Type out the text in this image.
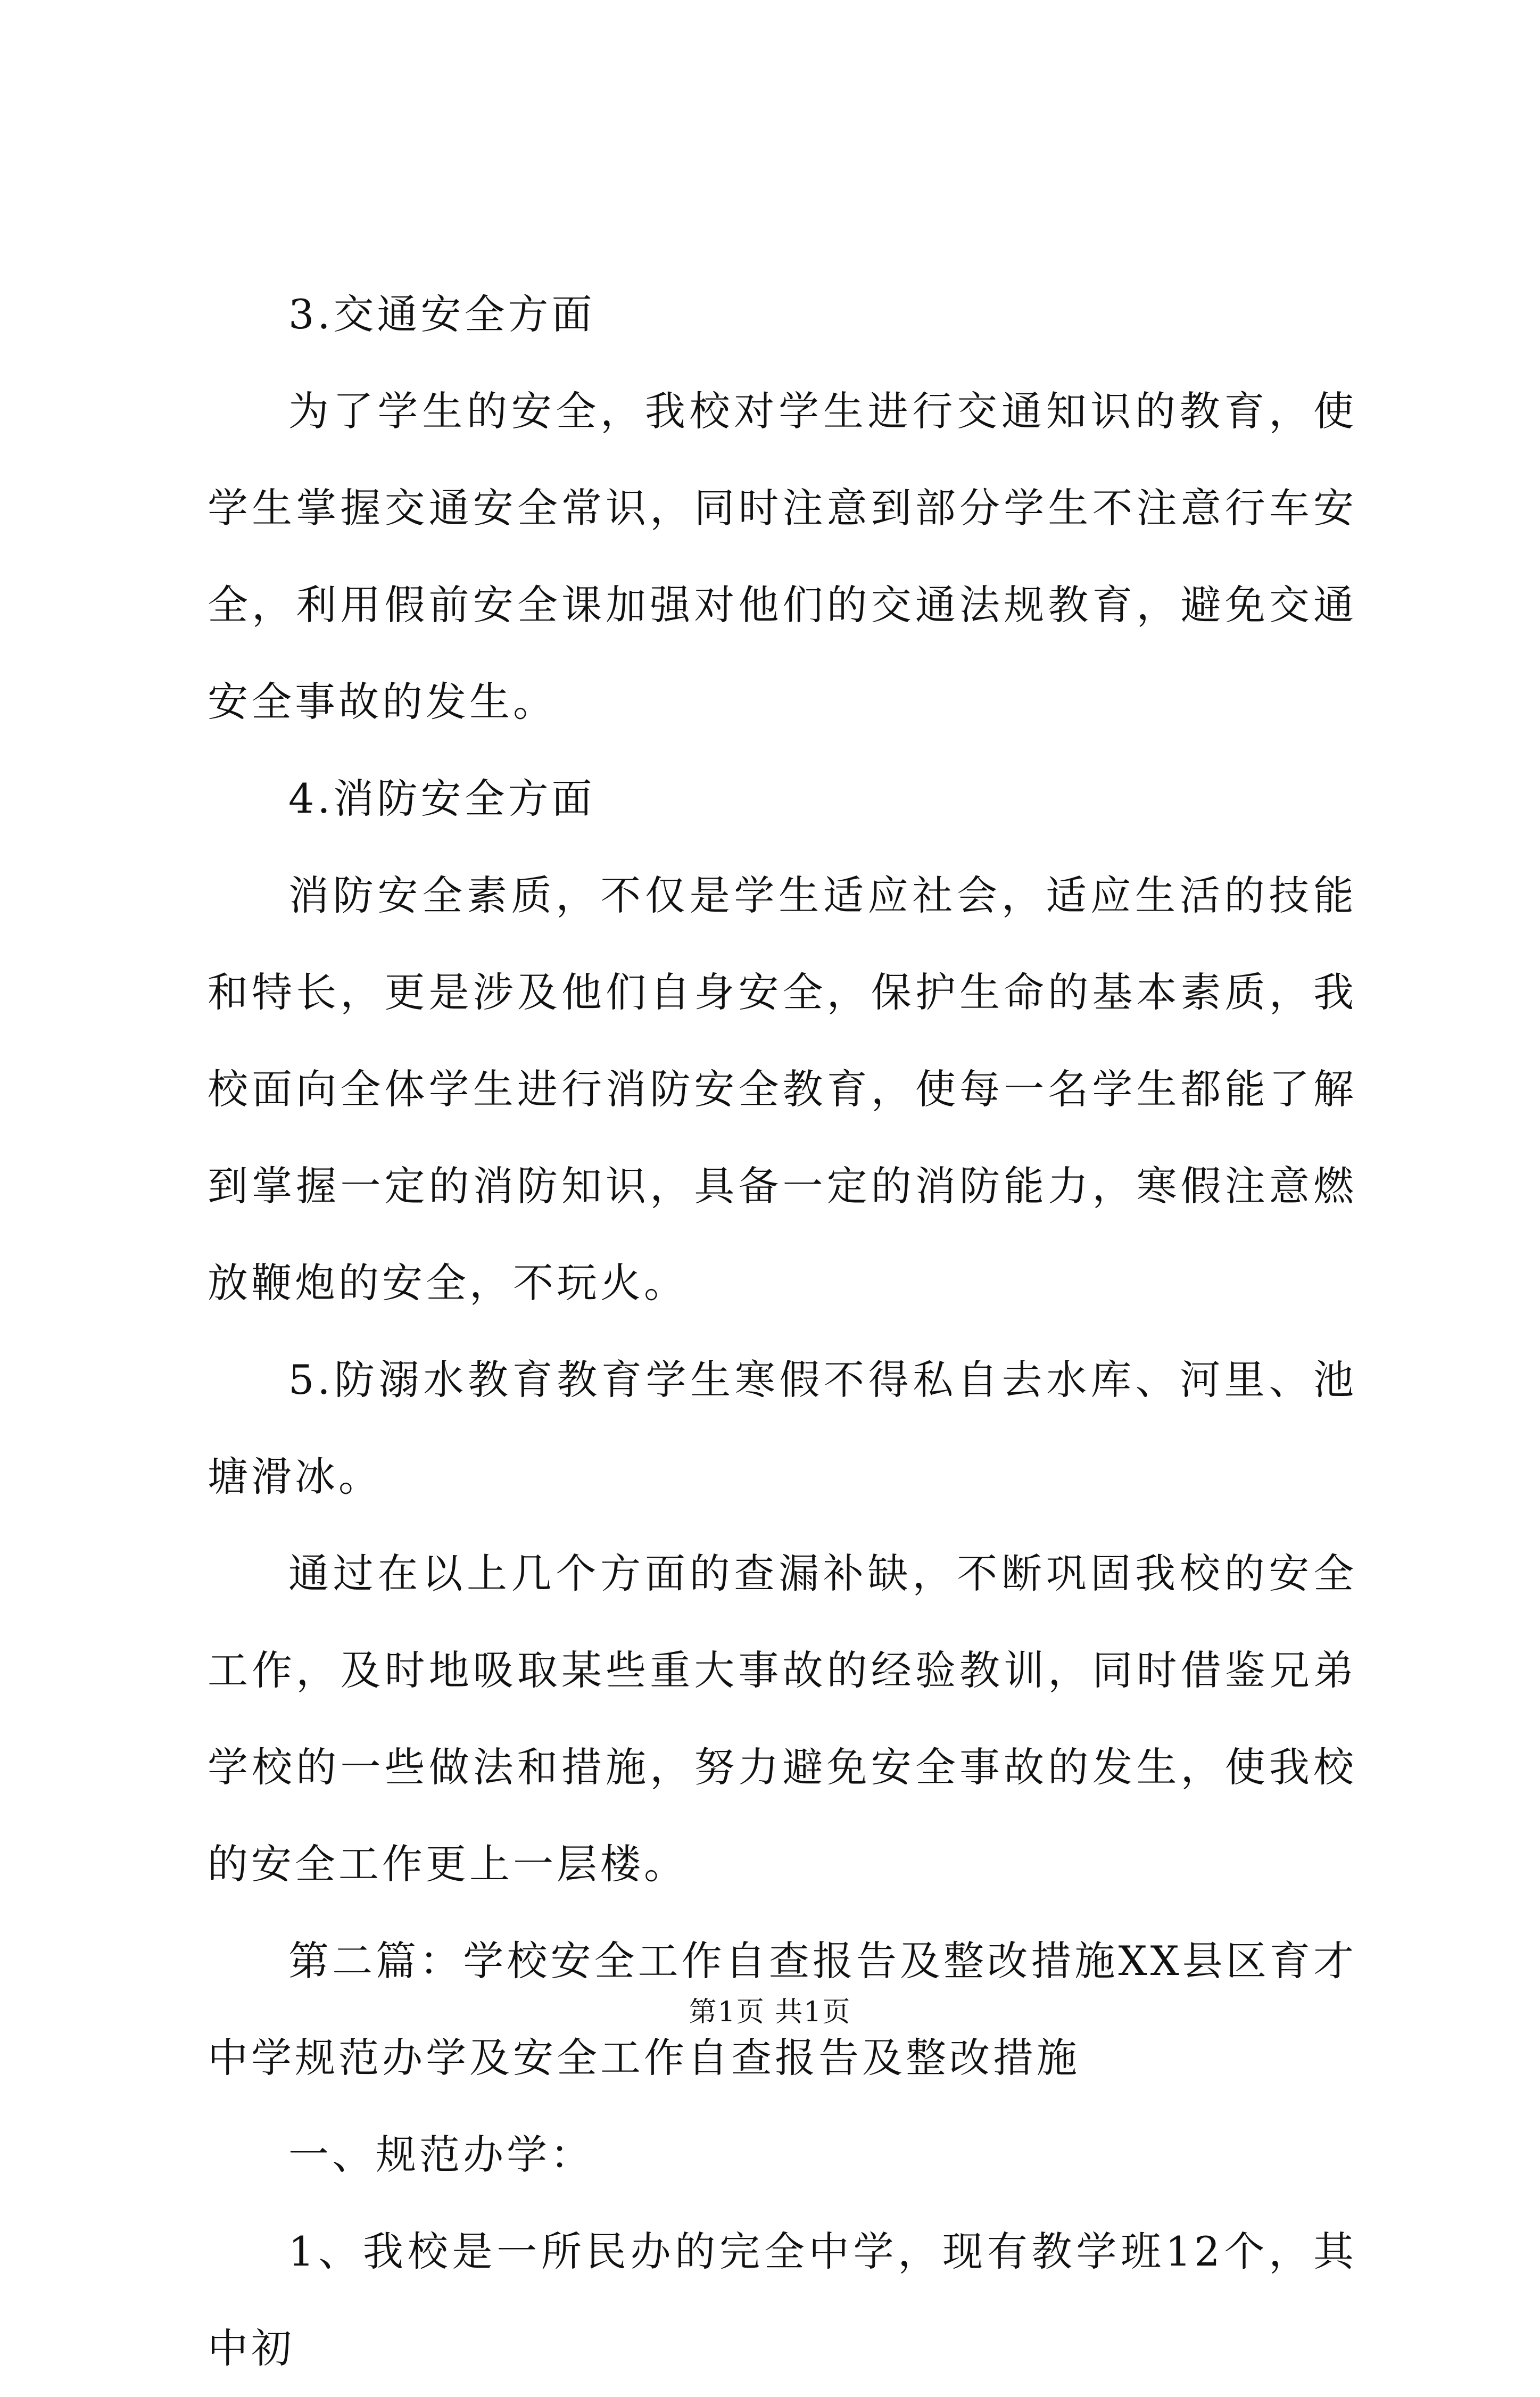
3.交通安全方面

为了学生的安全，我校对学生进行交通知识的教育，使学生掌握交通安全常识，同时注意到部分学生不注意行车安全，利用假前安全课加强对他们的交通法规教育，避免交通安全事故的发生。

4.消防安全方面

消防安全素质，不仅是学生适应社会，适应生活的技能和特长，更是涉及他们自身安全，保护生命的基本素质，我校面向全体学生进行消防安全教育，使每一名学生都能了解到掌握一定的消防知识，具备一定的消防能力，寒假注意燃放鞭炮的安全，不玩火。

5.防溺水教育教育学生寒假不得私自去水库、河里、池塘滑冰。

通过在以上几个方面的查漏补缺，不断巩固我校的安全工作，及时地吸取某些重大事故的经验教训，同时借鉴兄弟学校的一些做法和措施，努力避免安全事故的发生，使我校的安全工作更上一层楼。

第二篇：学校安全工作自查报告及整改措施XX县区育才中学规范办学及安全工作自查报告及整改措施

一、规范办学：

1、我校是一所民办的完全中学，现有教学班12个，其中初

第1页 共1页
